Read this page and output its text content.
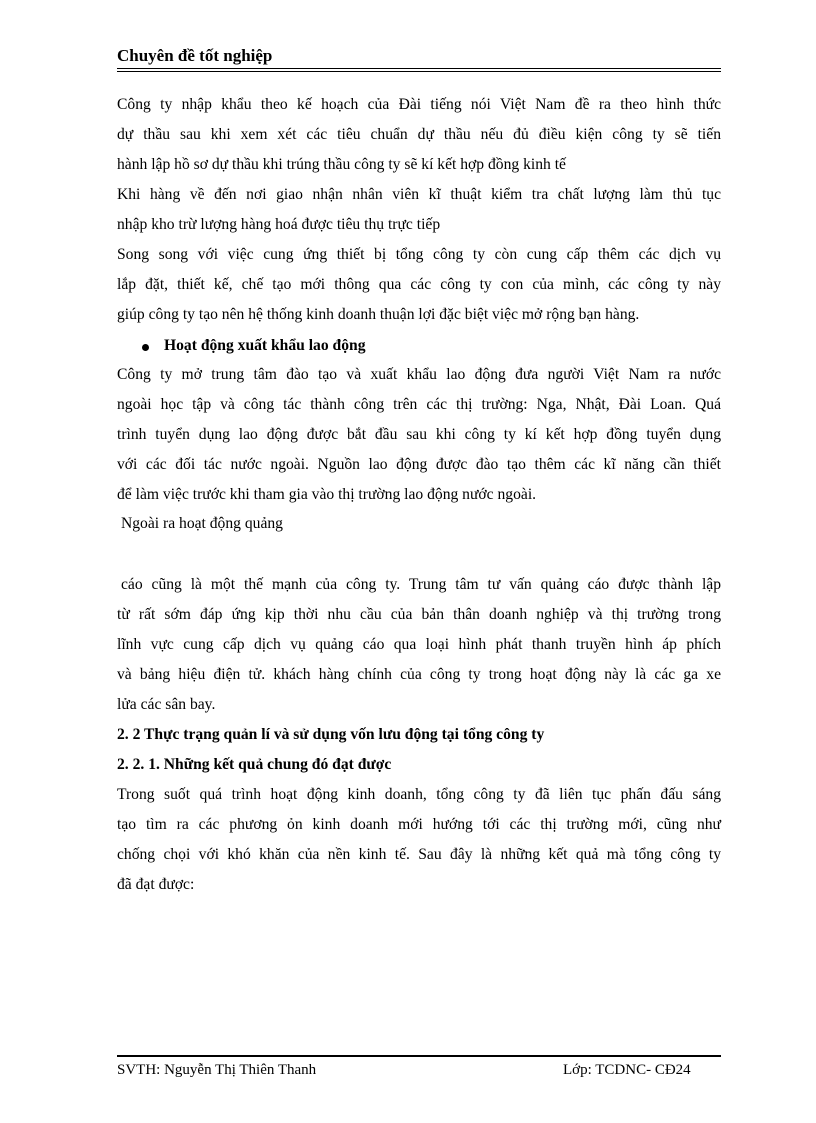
Chuyên đề tốt nghiệp
Công ty nhập khẩu theo kế hoạch của Đài tiếng nói Việt Nam đề ra theo hình thức
dự thầu sau khi xem xét các tiêu chuẩn dự thầu nếu đủ điều kiện công ty sẽ tiến
hành lập hồ sơ dự thầu khi trúng thầu công ty sẽ kí kết hợp đồng kinh tế
Khi hàng về đến nơi giao nhận nhân viên kĩ thuật kiểm tra chất lượng làm thủ tục
nhập kho trừ lượng hàng hoá được tiêu thụ trực tiếp
Song song với việc cung ứng thiết bị tổng công ty còn cung cấp thêm các dịch vụ
lắp đặt, thiết kế, chế tạo mới thông qua các công ty con của mình, các công ty này
giúp công ty tạo nên hệ thống kinh doanh thuận lợi đặc biệt việc mở rộng bạn hàng.
Hoạt động xuất khẩu lao động
Công ty mở trung tâm đào tạo và xuất khẩu lao động đưa người Việt Nam ra nước
ngoài học tập và công tác thành công trên các thị trường: Nga, Nhật, Đài Loan. Quá
trình tuyển dụng lao động được bắt đầu sau khi công ty kí kết hợp đồng tuyển dụng
với các đối tác nước ngoài. Nguồn lao động được đào tạo thêm các kĩ năng cần thiết
để làm việc trước khi tham gia vào thị trường lao động nước ngoài.
Ngoài ra hoạt động quảng
cáo cũng là một thế mạnh của công ty. Trung tâm tư vấn quảng cáo được thành lập
từ rất sớm đáp ứng kịp thời nhu cầu của bản thân doanh nghiệp và thị trường trong
lĩnh vực cung cấp dịch vụ quảng cáo qua loại hình phát thanh truyền hình áp phích
và bảng hiệu điện tử. khách hàng chính của công ty trong hoạt động này là các ga xe
lửa các sân bay.
2. 2 Thực trạng quản lí và sử dụng vốn lưu động tại tổng công ty
2. 2. 1. Những kết quả chung đó đạt được
Trong suốt quá trình hoạt động kinh doanh, tổng công ty đã liên tục phấn đấu sáng
tạo tìm ra các phương ỏn kinh doanh mới hướng tới các thị trường mới, cũng như
chống chọi với khó khăn của nền kinh tế. Sau đây là những kết quả mà tổng công ty
đã đạt được:
SVTH: Nguyễn Thị Thiên Thanh	Lớp: TCDNC- CĐ24
